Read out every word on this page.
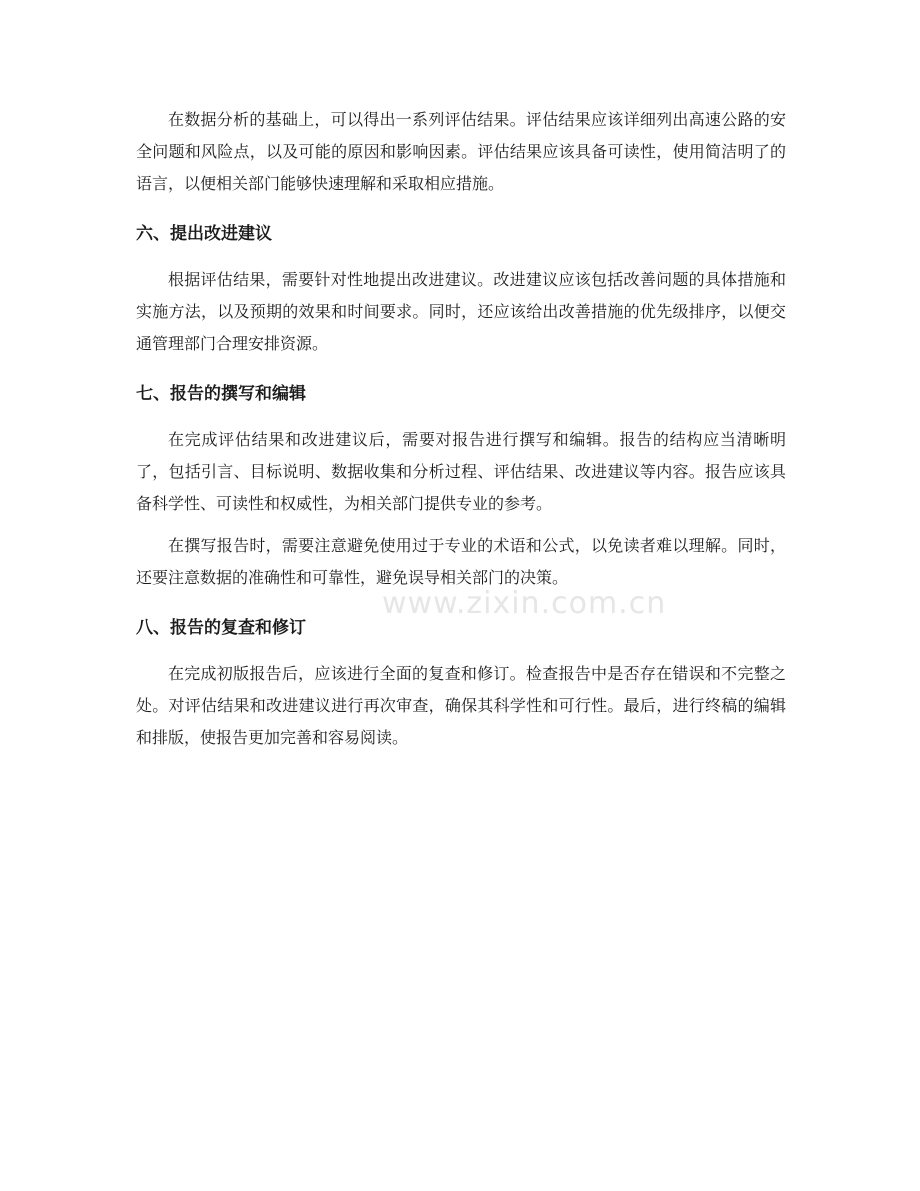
在数据分析的基础上，可以得出一系列评估结果。评估结果应该详细列出高速公路的安全问题和风险点，以及可能的原因和影响因素。评估结果应该具备可读性，使用简洁明了的语言，以便相关部门能够快速理解和采取相应措施。

六、提出改进建议

根据评估结果，需要针对性地提出改进建议。改进建议应该包括改善问题的具体措施和实施方法，以及预期的效果和时间要求。同时，还应该给出改善措施的优先级排序，以便交通管理部门合理安排资源。

七、报告的撰写和编辑

在完成评估结果和改进建议后，需要对报告进行撰写和编辑。报告的结构应当清晰明了，包括引言、目标说明、数据收集和分析过程、评估结果、改进建议等内容。报告应该具备科学性、可读性和权威性，为相关部门提供专业的参考。

在撰写报告时，需要注意避免使用过于专业的术语和公式，以免读者难以理解。同时，还要注意数据的准确性和可靠性，避免误导相关部门的决策。

八、报告的复查和修订

在完成初版报告后，应该进行全面的复查和修订。检查报告中是否存在错误和不完整之处。对评估结果和改进建议进行再次审查，确保其科学性和可行性。最后，进行终稿的编辑和排版，使报告更加完善和容易阅读。

www.zixin.com.cn
